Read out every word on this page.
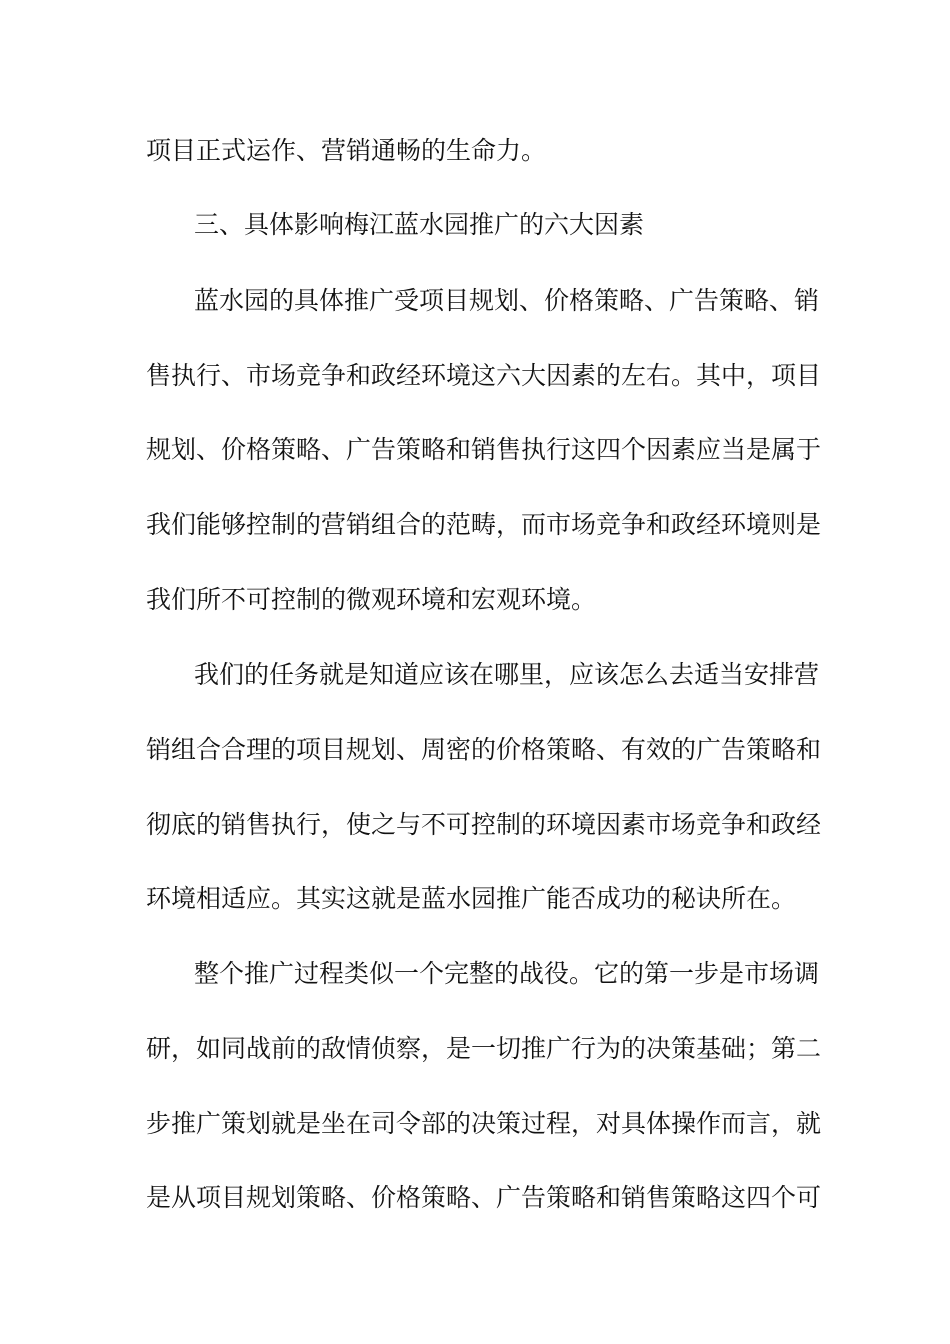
项目正式运作、营销通畅的生命力。
三、具体影响梅江蓝水园推广的六大因素
蓝水园的具体推广受项目规划、价格策略、广告策略、销
售执行、市场竞争和政经环境这六大因素的左右。其中，项目
规划、价格策略、广告策略和销售执行这四个因素应当是属于
我们能够控制的营销组合的范畴，而市场竞争和政经环境则是
我们所不可控制的微观环境和宏观环境。
我们的任务就是知道应该在哪里，应该怎么去适当安排营
销组合合理的项目规划、周密的价格策略、有效的广告策略和
彻底的销售执行，使之与不可控制的环境因素市场竞争和政经
环境相适应。其实这就是蓝水园推广能否成功的秘诀所在。
整个推广过程类似一个完整的战役。它的第一步是市场调
研，如同战前的敌情侦察，是一切推广行为的决策基础；第二
步推广策划就是坐在司令部的决策过程，对具体操作而言，就
是从项目规划策略、价格策略、广告策略和销售策略这四个可
